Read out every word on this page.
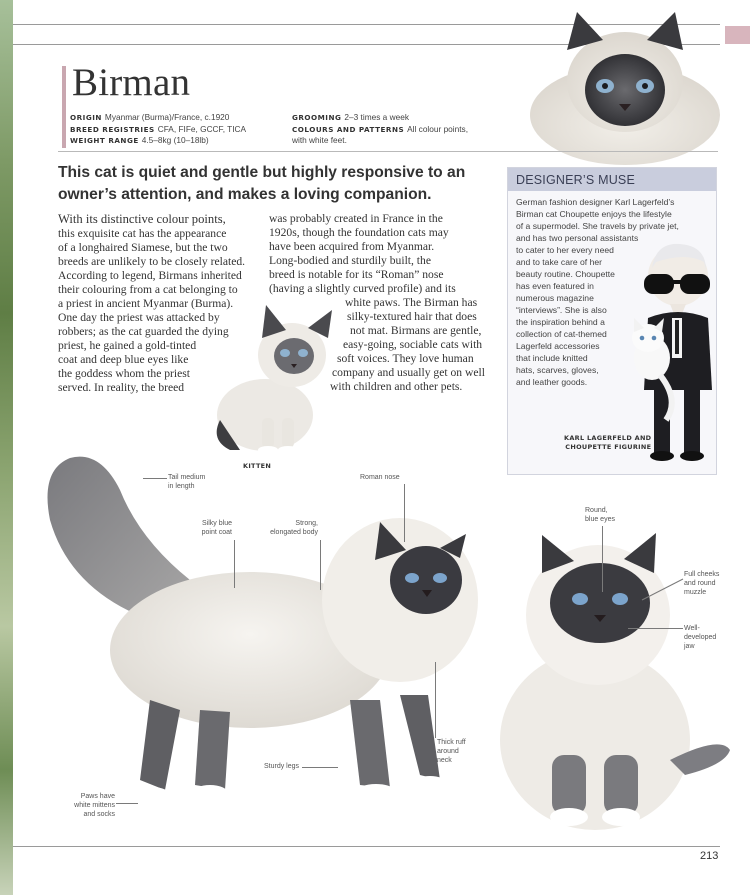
Birman
ORIGIN Myanmar (Burma)/France, c.1920
BREED REGISTRIES CFA, FIFe, GCCF, TICA
WEIGHT RANGE 4.5–8kg (10–18lb)
GROOMING 2–3 times a week
COLOURS AND PATTERNS All colour points,
with white feet.
This cat is quiet and gentle but highly responsive to an owner’s attention, and makes a loving companion.
With its distinctive colour points,
this exquisite cat has the appearance
of a longhaired Siamese, but the two
breeds are unlikely to be closely related.
According to legend, Birmans inherited
their colouring from a cat belonging to
a priest in ancient Myanmar (Burma).
One day the priest was attacked by
robbers; as the cat guarded the dying
priest, he gained a gold-tinted
coat and deep blue eyes like
the goddess whom the priest
served. In reality, the breed
was probably created in France in the
1920s, though the foundation cats may
have been acquired from Myanmar.
Long-bodied and sturdily built, the
breed is notable for its “Roman” nose
(having a slightly curved profile) and its
white paws. The Birman has
silky-textured hair that does
not mat. Birmans are gentle,
easy-going, sociable cats with
soft voices. They love human
company and usually get on well
with children and other pets.
KITTEN
DESIGNER’S MUSE
German fashion designer Karl Lagerfeld’s
Birman cat Choupette enjoys the lifestyle
of a supermodel. She travels by private jet,
and has two personal assistants
to cater to her every need
and to take care of her
beauty routine. Choupette
has even featured in
numerous magazine
“interviews”. She is also
the inspiration behind a
collection of cat-themed
Lagerfeld accessories
that include knitted
hats, scarves, gloves,
and leather goods.
KARL LAGERFELD AND
CHOUPETTE FIGURINE
Tail medium
in length
Silky blue
point coat
Strong,
elongated body
Roman nose
Round,
blue eyes
Full cheeks
and round
muzzle
Well-
developed
jaw
Thick ruff
around
neck
Sturdy legs
Paws have
white mittens
and socks
213
